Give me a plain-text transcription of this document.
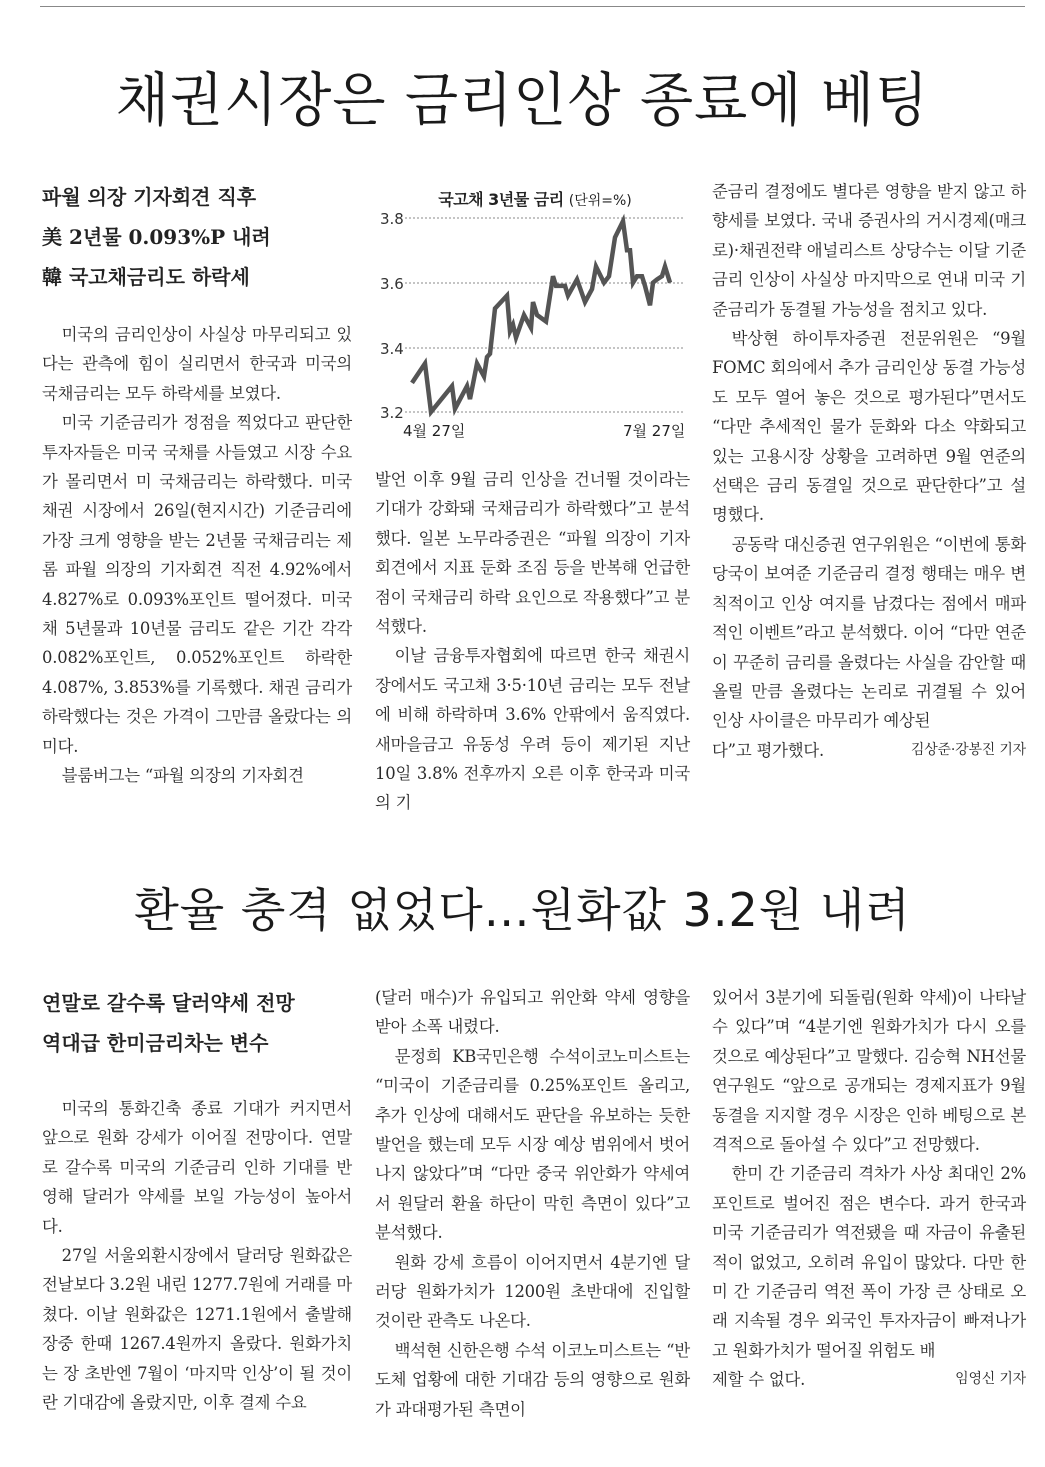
채권시장은 금리인상 종료에 베팅
파월 의장 기자회견 직후
美 2년물 0.093%P 내려
韓 국고채금리도 하락세

미국의 금리인상이 사실상 마무리되고 있다는 관측에 힘이 실리면서 한국과 미국의 국채금리는 모두 하락세를 보였다.

미국 기준금리가 정점을 찍었다고 판단한 투자자들은 미국 국채를 사들였고 시장 수요가 몰리면서 미 국채금리는 하락했다. 미국 채권 시장에서 26일(현지시간) 기준금리에 가장 크게 영향을 받는 2년물 국채금리는 제롬 파월 의장의 기자회견 직전 4.92%에서 4.827%로 0.093%포인트 떨어졌다. 미국채 5년물과 10년물 금리도 같은 기간 각각 0.082%포인트, 0.052%포인트 하락한 4.087%, 3.853%를 기록했다. 채권 금리가 하락했다는 것은 가격이 그만큼 올랐다는 의미다.

블룸버그는 “파월 의장의 기자회견

국고채 3년물 금리 (단위=%)
3.8
3.6
3.4
3.2
4월 27일	7월 27일

발언 이후 9월 금리 인상을 건너뛸 것이라는 기대가 강화돼 국채금리가 하락했다”고 분석했다. 일본 노무라증권은 “파월 의장이 기자회견에서 지표 둔화 조짐 등을 반복해 언급한 점이 국채금리 하락 요인으로 작용했다”고 분석했다.

이날 금융투자협회에 따르면 한국 채권시장에서도 국고채 3·5·10년 금리는 모두 전날에 비해 하락하며 3.6% 안팎에서 움직였다. 새마을금고 유동성 우려 등이 제기된 지난 10일 3.8% 전후까지 오른 이후 한국과 미국의 기

준금리 결정에도 별다른 영향을 받지 않고 하향세를 보였다. 국내 증권사의 거시경제(매크로)·채권전략 애널리스트 상당수는 이달 기준금리 인상이 사실상 마지막으로 연내 미국 기준금리가 동결될 가능성을 점치고 있다.

박상현 하이투자증권 전문위원은 “9월 FOMC 회의에서 추가 금리인상 동결 가능성도 모두 열어 놓은 것으로 평가된다”면서도 “다만 추세적인 물가 둔화와 다소 약화되고 있는 고용시장 상황을 고려하면 9월 연준의 선택은 금리 동결일 것으로 판단한다”고 설명했다.

공동락 대신증권 연구위원은 “이번에 통화당국이 보여준 기준금리 결정 행태는 매우 변칙적이고 인상 여지를 남겼다는 점에서 매파적인 이벤트”라고 분석했다. 이어 “다만 연준이 꾸준히 금리를 올렸다는 사실을 감안할 때 올릴 만큼 올렸다는 논리로 귀결될 수 있어 인상 사이클은 마무리가 예상된

다”고 평가했다.	김상준·강봉진 기자

환율 충격 없었다…원화값 3.2원 내려
연말로 갈수록 달러약세 전망
역대급 한미금리차는 변수

미국의 통화긴축 종료 기대가 커지면서 앞으로 원화 강세가 이어질 전망이다. 연말로 갈수록 미국의 기준금리 인하 기대를 반영해 달러가 약세를 보일 가능성이 높아서다.

27일 서울외환시장에서 달러당 원화값은 전날보다 3.2원 내린 1277.7원에 거래를 마쳤다. 이날 원화값은 1271.1원에서 출발해 장중 한때 1267.4원까지 올랐다. 원화가치는 장 초반엔 7월이 ‘마지막 인상’이 될 것이란 기대감에 올랐지만, 이후 결제 수요

(달러 매수)가 유입되고 위안화 약세 영향을 받아 소폭 내렸다.

문정희 KB국민은행 수석이코노미스트는 “미국이 기준금리를 0.25%포인트 올리고, 추가 인상에 대해서도 판단을 유보하는 듯한 발언을 했는데 모두 시장 예상 범위에서 벗어나지 않았다”며 “다만 중국 위안화가 약세여서 원달러 환율 하단이 막힌 측면이 있다”고 분석했다.

원화 강세 흐름이 이어지면서 4분기엔 달러당 원화가치가 1200원 초반대에 진입할 것이란 관측도 나온다.

백석현 신한은행 수석 이코노미스트는 “반도체 업황에 대한 기대감 등의 영향으로 원화가 과대평가된 측면이

있어서 3분기에 되돌림(원화 약세)이 나타날 수 있다”며 “4분기엔 원화가치가 다시 오를 것으로 예상된다”고 말했다. 김승혁 NH선물 연구원도 “앞으로 공개되는 경제지표가 9월 동결을 지지할 경우 시장은 인하 베팅으로 본격적으로 돌아설 수 있다”고 전망했다.

한미 간 기준금리 격차가 사상 최대인 2%포인트로 벌어진 점은 변수다. 과거 한국과 미국 기준금리가 역전됐을 때 자금이 유출된 적이 없었고, 오히려 유입이 많았다. 다만 한미 간 기준금리 역전 폭이 가장 큰 상태로 오래 지속될 경우 외국인 투자자금이 빠져나가고 원화가치가 떨어질 위험도 배

제할 수 없다.	임영신 기자
